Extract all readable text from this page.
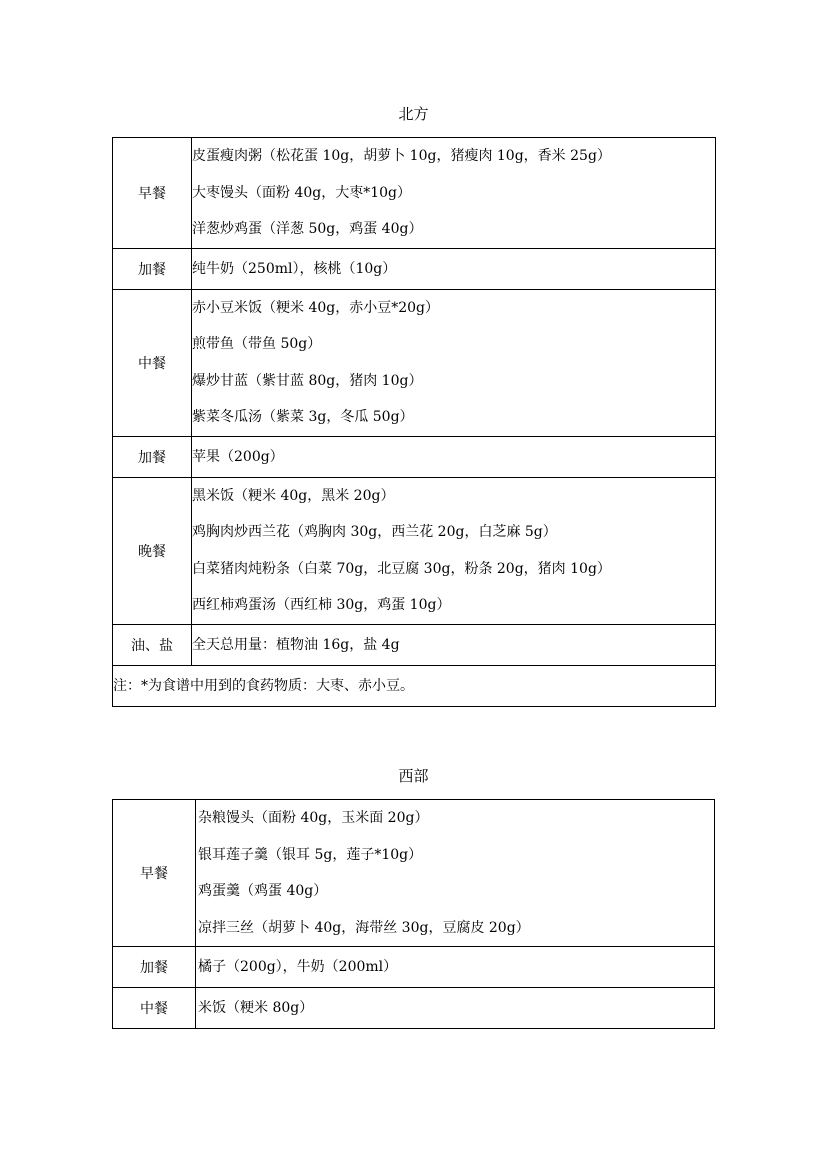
北方
早餐	皮蛋瘦肉粥（松花蛋 10g，胡萝卜 10g，猪瘦肉 10g，香米 25g）
大枣馒头（面粉 40g，大枣*10g）
洋葱炒鸡蛋（洋葱 50g，鸡蛋 40g）

加餐	纯牛奶（250ml），核桃（10g）

中餐	赤小豆米饭（粳米 40g，赤小豆*20g）
煎带鱼（带鱼 50g）
爆炒甘蓝（紫甘蓝 80g，猪肉 10g）
紫菜冬瓜汤（紫菜 3g，冬瓜 50g）

加餐	苹果（200g）

晚餐	黑米饭（粳米 40g，黑米 20g）
鸡胸肉炒西兰花（鸡胸肉 30g，西兰花 20g，白芝麻 5g）
白菜猪肉炖粉条（白菜 70g，北豆腐 30g，粉条 20g，猪肉 10g）
西红柿鸡蛋汤（西红柿 30g，鸡蛋 10g）

油、盐	全天总用量：植物油 16g，盐 4g

注：*为食谱中用到的食药物质：大枣、赤小豆。	
西部
早餐	杂粮馒头（面粉 40g，玉米面 20g）
银耳莲子羹（银耳 5g，莲子*10g）
鸡蛋羹（鸡蛋 40g）
凉拌三丝（胡萝卜 40g，海带丝 30g，豆腐皮 20g）

加餐	橘子（200g），牛奶（200ml）

中餐	米饭（粳米 80g）
